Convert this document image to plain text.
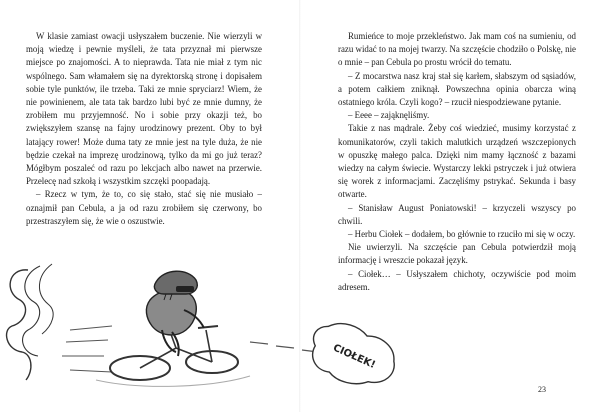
W klasie zamiast owacji usłyszałem buczenie. Nie wierzyli w moją wiedzę i pewnie myśleli, że tata przyznał mi pierwsze miejsce po znajomości. A to nieprawda. Tata nie miał z tym nic wspólnego. Sam włamałem się na dyrektorską stronę i dopisałem sobie tyle punktów, ile trzeba. Taki ze mnie spryciarz! Wiem, że nie powinienem, ale tata tak bardzo lubi być ze mnie dumny, że zrobiłem mu przyjemność. No i sobie przy okazji też, bo zwiększyłem szansę na fajny urodzinowy prezent. Oby to był latający rower! Może duma taty ze mnie jest na tyle duża, że nie będzie czekał na imprezę urodzinową, tylko da mi go już teraz? Mógłbym poszaleć od razu po lekcjach albo nawet na przerwie. Przelecę nad szkołą i wszystkim szczęki poopadają.

– Rzecz w tym, że to, co się stało, stać się nie musiało – oznajmił pan Cebula, a ja od razu zrobiłem się czerwony, bo przestraszyłem się, że wie o oszustwie.

Rumieńce to moje przekleństwo. Jak mam coś na sumieniu, od razu widać to na mojej twarzy. Na szczęście chodziło o Polskę, nie o mnie – pan Cebula po prostu wrócił do tematu.

– Z mocarstwa nasz kraj stał się karłem, słabszym od sąsiadów, a potem całkiem zniknął. Powszechna opinia obarcza winą ostatniego króla. Czyli kogo? – rzucił niespodziewane pytanie.

– Eeee – zająknęliśmy.

Takie z nas mądrale. Żeby coś wiedzieć, musimy korzystać z komunikatorów, czyli takich malutkich urządzeń wszczepionych w opuszkę małego palca. Dzięki nim mamy łączność z bazami wiedzy na całym świecie. Wystarczy lekki pstryczek i już otwiera się worek z informacjami. Zaczęliśmy pstrykać. Sekunda i basy otwarte.

– Stanisław August Poniatowski! – krzyczeli wszyscy po chwili.

– Herbu Ciołek – dodałem, bo głównie to rzuciło mi się w oczy.

Nie uwierzyli. Na szczęście pan Cebula potwierdził moją informację i wreszcie pokazał język.

– Ciołek… – Usłyszałem chichoty, oczywiście pod moim adresem.

23
CIOŁEK!
